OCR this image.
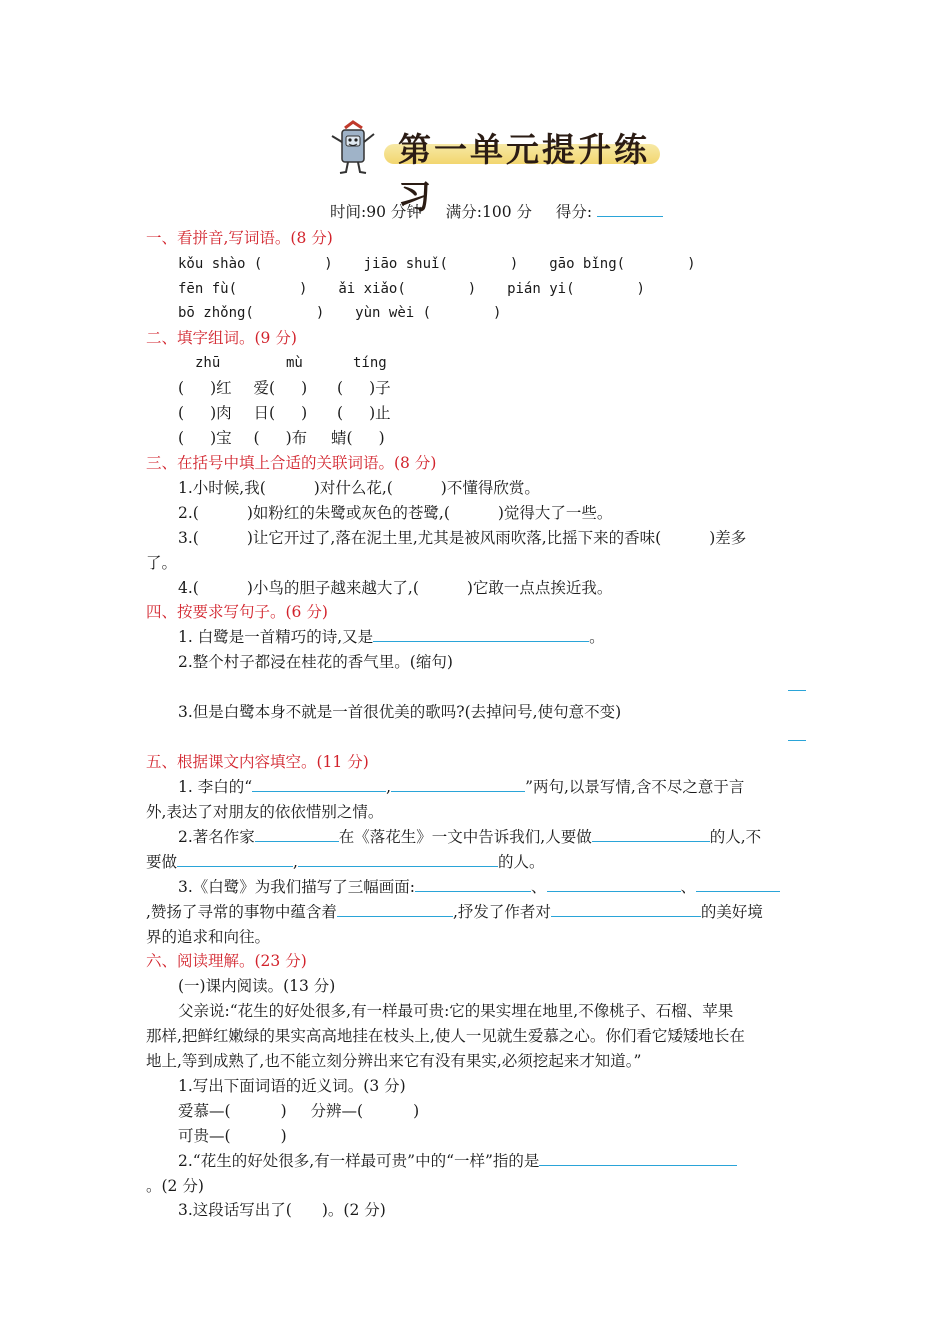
第一单元提升练习
时间:90 分钟 满分:100 分 得分:
一、看拼音,写词语。(8 分)
kǒu shào (	) jiāo shuǐ(	) gāo bǐng(	)
fēn fù(	) ǎi xiǎo(	) pián yi(	)
bō zhǒng(	) yùn wèi (	)
二、填字组词。(9 分)
zhū	mù	tíng
( )红 爱( ) ( )子
( )肉 日( ) ( )止
( )宝 ( )布 蜻( )
三、在括号中填上合适的关联词语。(8 分)
1.小时候,我(	)对什么花,(	)不懂得欣赏。
2.(	)如粉红的朱鹭或灰色的苍鹭,(	)觉得大了一些。
3.(	)让它开过了,落在泥土里,尤其是被风雨吹落,比摇下来的香味(	)差多
了。
4.(	)小鸟的胆子越来越大了,(	)它敢一点点挨近我。
四、按要求写句子。(6 分)
1. 白鹭是一首精巧的诗,又是	。
2.整个村子都浸在桂花的香气里。(缩句)
3.但是白鹭本身不就是一首很优美的歌吗?(去掉问号,使句意不变)
五、根据课文内容填空。(11 分)
1. 李白的“	,	”两句,以景写情,含不尽之意于言
外,表达了对朋友的依依惜别之情。
2.著名作家	在《落花生》一文中告诉我们,人要做	的人,不
要做	,	的人。
3.《白鹭》为我们描写了三幅画面:	、	、
,赞扬了寻常的事物中蕴含着	,抒发了作者对	的美好境
界的追求和向往。
六、阅读理解。(23 分)
(一)课内阅读。(13 分)
父亲说:“花生的好处很多,有一样最可贵:它的果实埋在地里,不像桃子、石榴、苹果
那样,把鲜红嫩绿的果实高高地挂在枝头上,使人一见就生爱慕之心。你们看它矮矮地长在
地上,等到成熟了,也不能立刻分辨出来它有没有果实,必须挖起来才知道。”
1.写出下面词语的近义词。(3 分)
爱慕—(	) 分辨—(	)
可贵—(	)
2.“花生的好处很多,有一样最可贵”中的“一样”指的是
。(2 分)
3.这段话写出了( )。(2 分)
